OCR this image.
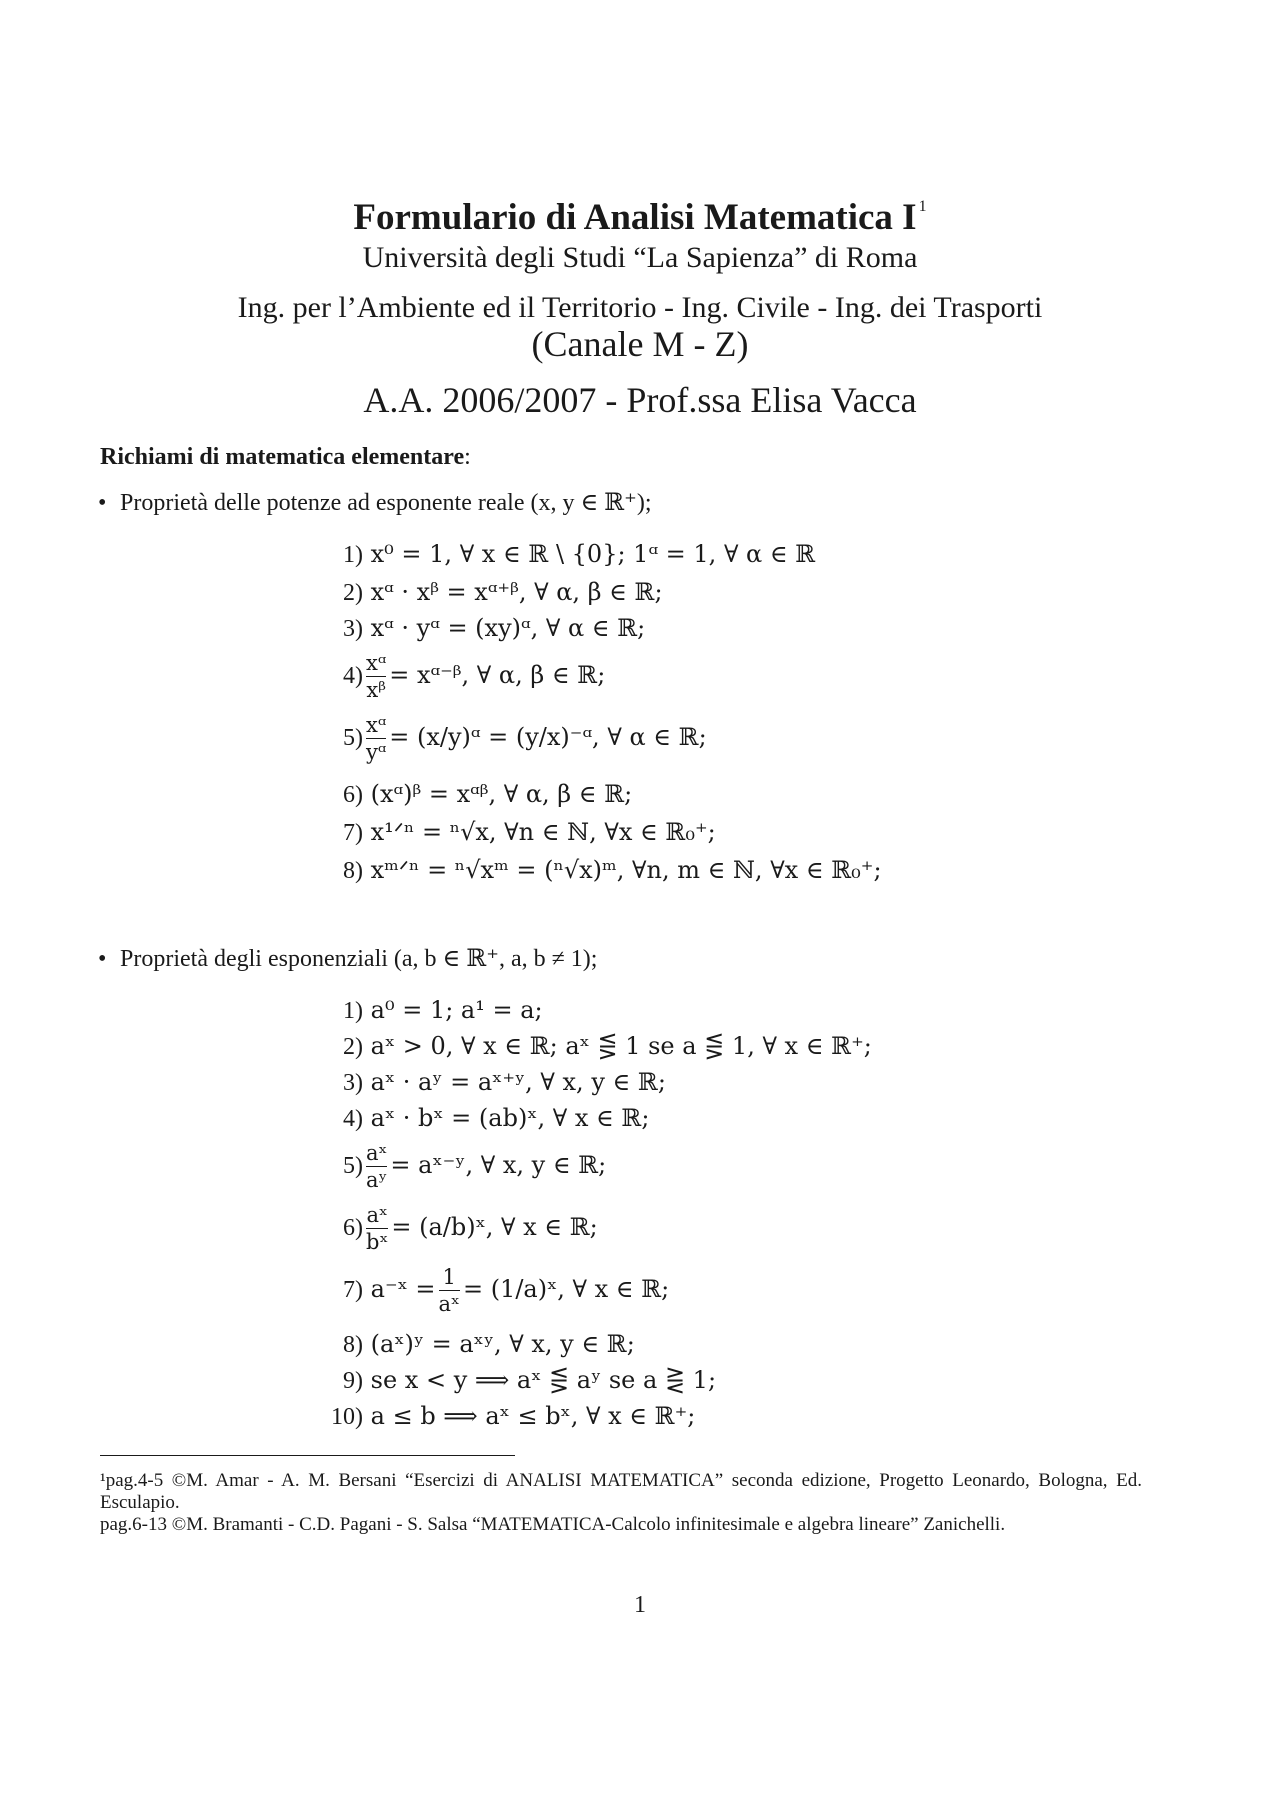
Formulario di Analisi Matematica I $^1$
Università degli Studi “La Sapienza” di Roma
Ing. per l’Ambiente ed il Territorio - Ing. Civile - Ing. dei Trasporti
(Canale M - Z)
A.A. 2006/2007 - Prof.ssa Elisa Vacca
Richiami di matematica elementare:
• Proprietà delle potenze ad esponente reale (x, y ∈ ℝ⁺);
1) x⁰ = 1, ∀ x ∈ ℝ \ {0}; 1ᵅ = 1, ∀ α ∈ ℝ
2) xᵅ · xᵝ = xᵅ⁺ᵝ, ∀ α, β ∈ ℝ;
3) xᵅ · yᵅ = (xy)ᵅ, ∀ α ∈ ℝ;
$4) \frac{\text{xᵅ}}{\text{xᵝ}}$ = xᵅ⁻ᵝ, ∀ α, β ∈ ℝ;
$5) \frac{\text{xᵅ}}{\text{yᵅ}}$ = (x/y)ᵅ = (y/x)⁻ᵅ, ∀ α ∈ ℝ;
6) (xᵅ)ᵝ = xᵅᵝ, ∀ α, β ∈ ℝ;
7) x¹ᐟⁿ = ⁿ√x, ∀n ∈ ℕ, ∀x ∈ ℝ₀⁺;
8) xᵐᐟⁿ = ⁿ√xᵐ = (ⁿ√x)ᵐ, ∀n, m ∈ ℕ, ∀x ∈ ℝ₀⁺;
• Proprietà degli esponenziali (a, b ∈ ℝ⁺, a, b ≠ 1);
1) a⁰ = 1; a¹ = a;
2) aˣ > 0, ∀ x ∈ ℝ; aˣ ⋚ 1 se a ⋚ 1, ∀ x ∈ ℝ⁺;
3) aˣ · aʸ = aˣ⁺ʸ, ∀ x, y ∈ ℝ;
4) aˣ · bˣ = (ab)ˣ, ∀ x ∈ ℝ;
$5) \frac{\text{aˣ}}{\text{aʸ}}$ = aˣ⁻ʸ, ∀ x, y ∈ ℝ;
$6) \frac{\text{aˣ}}{\text{bˣ}}$ = (a/b)ˣ, ∀ x ∈ ℝ;
7) a⁻ˣ = $\frac{1}{\text{aˣ}}$ = (1/a)ˣ, ∀ x ∈ ℝ;
8) (aˣ)ʸ = aˣʸ, ∀ x, y ∈ ℝ;
9) se x < y ⟹ aˣ ⋚ aʸ se a ⋛ 1;
10) a ≤ b ⟹ aˣ ≤ bˣ, ∀ x ∈ ℝ⁺;
¹pag.4-5 ©M. Amar - A. M. Bersani “Esercizi di ANALISI MATEMATICA” seconda edizione, Progetto Leonardo, Bologna, Ed. Esculapio.
pag.6-13 ©M. Bramanti - C.D. Pagani - S. Salsa “MATEMATICA-Calcolo infinitesimale e algebra lineare” Zanichelli.
1
